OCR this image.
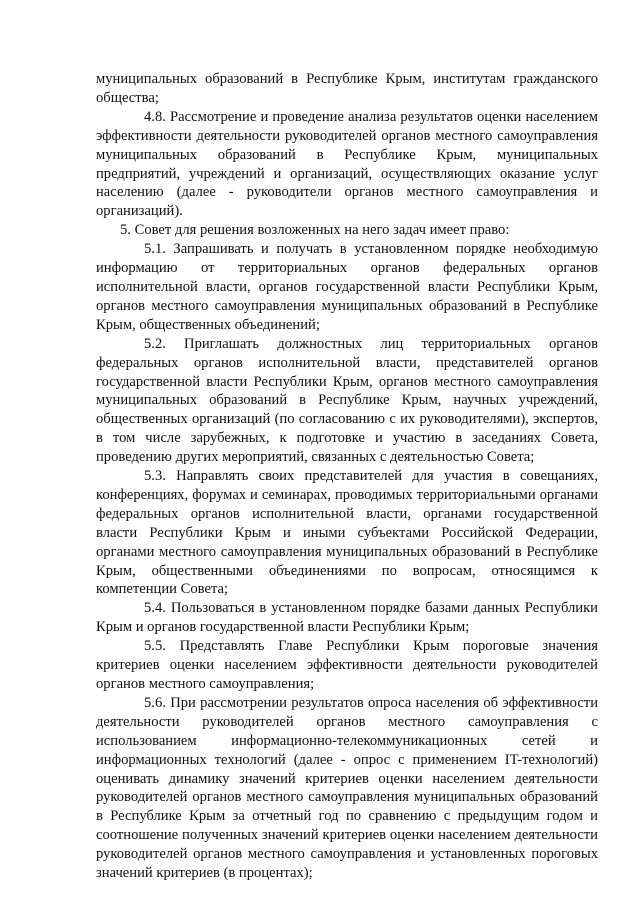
муниципальных образований в Республике Крым, институтам гражданского общества;

4.8. Рассмотрение и проведение анализа результатов оценки населением эффективности деятельности руководителей органов местного самоуправления муниципальных образований в Республике Крым, муниципальных предприятий, учреждений и организаций, осуществляющих оказание услуг населению (далее - руководители органов местного самоуправления и организаций).

5. Совет для решения возложенных на него задач имеет право:

5.1. Запрашивать и получать в установленном порядке необходимую информацию от территориальных органов федеральных органов исполнительной власти, органов государственной власти Республики Крым, органов местного самоуправления муниципальных образований в Республике Крым, общественных объединений;

5.2. Приглашать должностных лиц территориальных органов федеральных органов исполнительной власти, представителей органов государственной власти Республики Крым, органов местного самоуправления муниципальных образований в Республике Крым, научных учреждений, общественных организаций (по согласованию с их руководителями), экспертов, в том числе зарубежных, к подготовке и участию в заседаниях Совета, проведению других мероприятий, связанных с деятельностью Совета;

5.3. Направлять своих представителей для участия в совещаниях, конференциях, форумах и семинарах, проводимых территориальными органами федеральных органов исполнительной власти, органами государственной власти Республики Крым и иными субъектами Российской Федерации, органами местного самоуправления муниципальных образований в Республике Крым, общественными объединениями по вопросам, относящимся к компетенции Совета;

5.4. Пользоваться в установленном порядке базами данных Республики Крым и органов государственной власти Республики Крым;

5.5. Представлять Главе Республики Крым пороговые значения критериев оценки населением эффективности деятельности руководителей органов местного самоуправления;

5.6. При рассмотрении результатов опроса населения об эффективности деятельности руководителей органов местного самоуправления с использованием информационно-телекоммуникационных сетей и информационных технологий (далее - опрос с применением IT-технологий) оценивать динамику значений критериев оценки населением деятельности руководителей органов местного самоуправления муниципальных образований в Республике Крым за отчетный год по сравнению с предыдущим годом и соотношение полученных значений критериев оценки населением деятельности руководителей органов местного самоуправления и установленных пороговых значений критериев (в процентах);
